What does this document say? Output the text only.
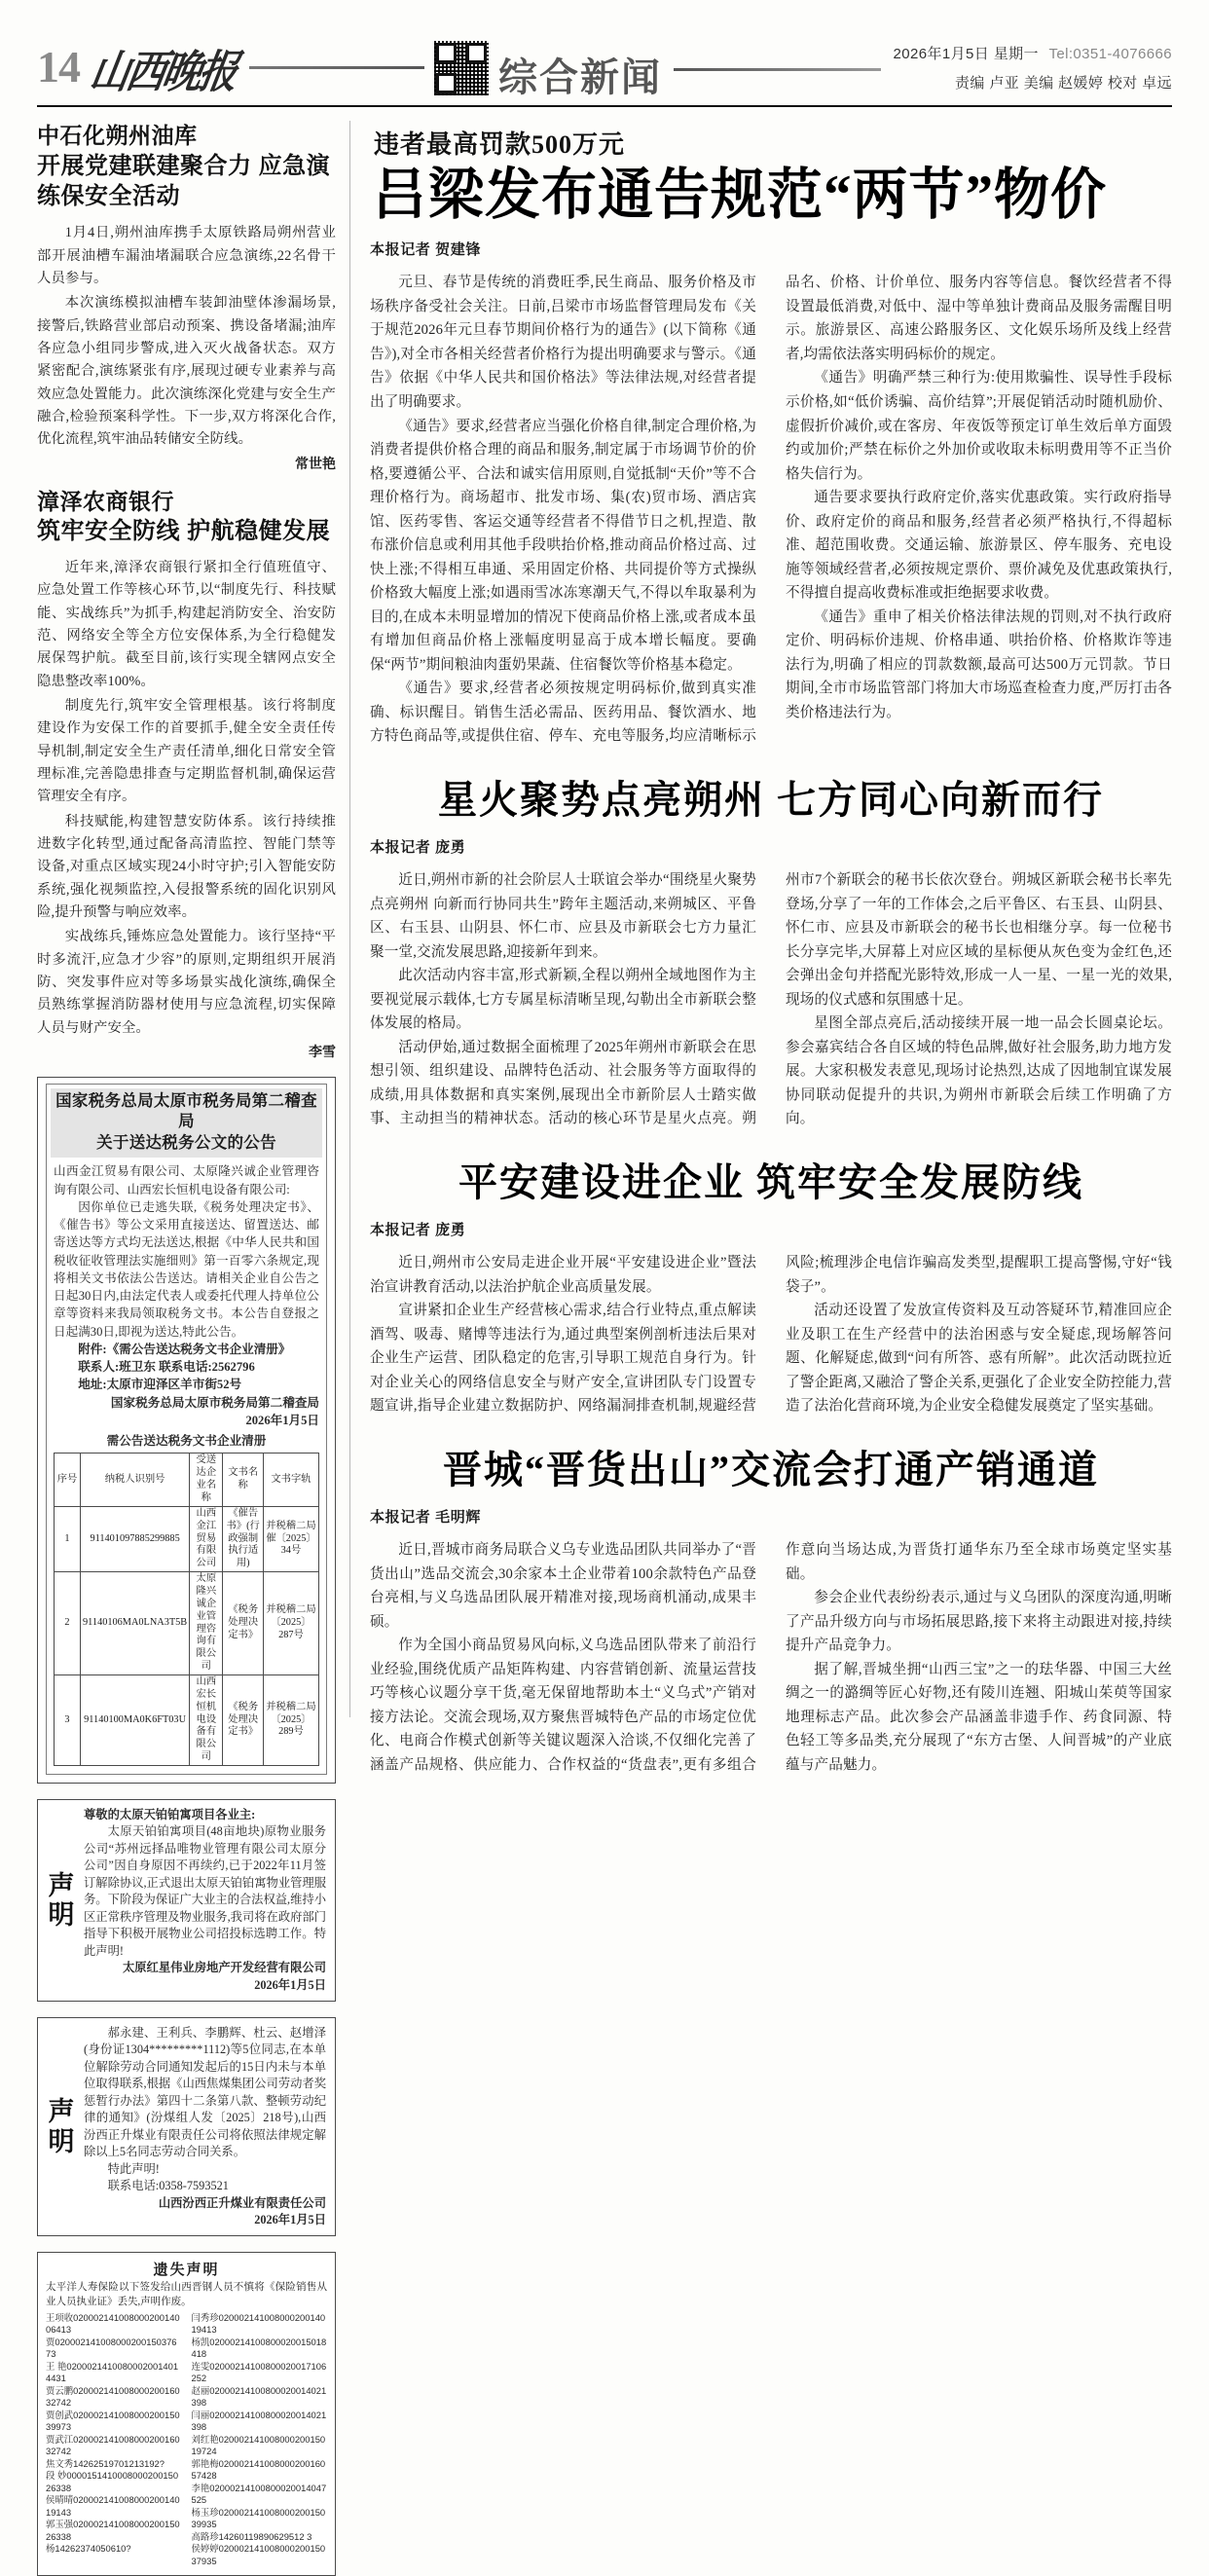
14 山西晚报	综合新闻
2026年1月5日 星期一 Tel:0351-4076666
责编 卢亚 美编 赵媛婷 校对 卓远
中石化朔州油库
开展党建联建聚合力 应急演练保安全活动

1月4日,朔州油库携手太原铁路局朔州营业部开展油槽车漏油堵漏联合应急演练,22名骨干人员参与。

本次演练模拟油槽车装卸油壁体渗漏场景,接警后,铁路营业部启动预案、携设备堵漏;油库各应急小组同步警成,进入灭火战备状态。双方紧密配合,演练紧张有序,展现过硬专业素养与高效应急处置能力。此次演练深化党建与安全生产融合,检验预案科学性。下一步,双方将深化合作,优化流程,筑牢油品转储安全防线。

常世艳
漳泽农商银行
筑牢安全防线 护航稳健发展

近年来,漳泽农商银行紧扣全行值班值守、应急处置工作等核心环节,以“制度先行、科技赋能、实战练兵”为抓手,构建起消防安全、治安防范、网络安全等全方位安保体系,为全行稳健发展保驾护航。截至目前,该行实现全辖网点安全隐患整改率100%。

制度先行,筑牢安全管理根基。该行将制度建设作为安保工作的首要抓手,健全安全责任传导机制,制定安全生产责任清单,细化日常安全管理标准,完善隐患排查与定期监督机制,确保运营管理安全有序。

科技赋能,构建智慧安防体系。该行持续推进数字化转型,通过配备高清监控、智能门禁等设备,对重点区域实现24小时守护;引入智能安防系统,强化视频监控,入侵报警系统的固化识别风险,提升预警与响应效率。

实战练兵,锤炼应急处置能力。该行坚持“平时多流汗,应急才少容”的原则,定期组织开展消防、突发事件应对等多场景实战化演练,确保全员熟练掌握消防器材使用与应急流程,切实保障人员与财产安全。

李雪
国家税务总局太原市税务局第二稽查局
关于送达税务公文的公告

山西金江贸易有限公司、太原隆兴诚企业管理咨询有限公司、山西宏长恒机电设备有限公司:

因你单位已走逃失联,《税务处理决定书》、《催告书》等公文采用直接送达、留置送达、邮寄送达等方式均无法送达,根据《中华人民共和国税收征收管理法实施细则》第一百零六条规定,现将相关文书依法公告送达。请相关企业自公告之日起30日内,由法定代表人或委托代理人持单位公章等资料来我局领取税务文书。本公告自登报之日起满30日,即视为送达,特此公告。

附件:《需公告送达税务文书企业清册》

联系人:班卫东 联系电话:2562796

地址:太原市迎泽区羊市街52号

国家税务总局太原市税务局第二稽查局

2026年1月5日

需公告送达税务文书企业清册

序号	纳税人识别号	受送达企业名称	文书名称	文书字轨
1	911401097885299885	山西金江贸易有限公司	《催告书》(行政强制执行适用)	并税稽二局催〔2025〕34号
2	91140106MA0LNA3T5B	太原隆兴诚企业管理咨询有限公司	《税务处理决定书》	并税稽二局〔2025〕287号
3	91140100MA0K6FT03U	山西宏长恒机电设备有限公司	《税务处理决定书》	并税稽二局〔2025〕289号
声
明

尊敬的太原天铂铂寓项目各业主:

太原天铂铂寓项目(48亩地块)原物业服务公司“苏州远择品唯物业管理有限公司太原分公司”因自身原因不再续约,已于2022年11月签订解除协议,正式退出太原天铂铂寓物业管理服务。下阶段为保证广大业主的合法权益,维持小区正常秩序管理及物业服务,我司将在政府部门指导下积极开展物业公司招投标选聘工作。特此声明!

太原红星伟业房地产开发经营有限公司

2026年1月5日

声
明

郝永建、王利兵、李鹏辉、杜云、赵增泽(身份证1304*********1112)等5位同志,在本单位解除劳动合同通知发起后的15日内未与本单位取得联系,根据《山西焦煤集团公司劳动者奖惩暂行办法》第四十二条第八款、整顿劳动纪律的通知》(汾煤组人发〔2025〕218号),山西汾西正升煤业有限责任公司将依照法律规定解除以上5名同志劳动合同关系。

特此声明!

联系电话:0358-7593521

山西汾西正升煤业有限责任公司

2026年1月5日

遗失声明

太平洋人寿保险以下签发给山西晋钢人员不慎将《保险销售从业人员执业证》丢失,声明作废。

王项收02000214100800020014006413
贾02000214100800020015037673
王 艳02000214100800020014014431
贾云鹏02000214100800020016032742
贾创武02000214100800020015039973
贾武江02000214100800020016032742
焦文秀14262519701213192?
段 妙000015141000800020015026338
侯晴晴02000214100800020014019143
郭玉强02000214100800020015026338
杨14262374050610?
闫秀珍02000214100800020014019413
杨凯02000214100800020015018418
连雯02000214100800020017106252
赵丽02000214100800020014021398
闫丽02000214100800020014021398
刘红艳02000214100800020015019724
郭艳梅02000214100800020016057428
李艳02000214100800020014047525
杨玉珍02000214100800020015039935
高路珍14260119890629512 3
侯婷婷02000214100800020015037935
违者最高罚款500万元
吕梁发布通告规范“两节”物价
本报记者 贺建锋

元旦、春节是传统的消费旺季,民生商品、服务价格及市场秩序备受社会关注。日前,吕梁市市场监督管理局发布《关于规范2026年元旦春节期间价格行为的通告》(以下简称《通告》),对全市各相关经营者价格行为提出明确要求与警示。《通告》依据《中华人民共和国价格法》等法律法规,对经营者提出了明确要求。

《通告》要求,经营者应当强化价格自律,制定合理价格,为消费者提供价格合理的商品和服务,制定属于市场调节价的价格,要遵循公平、合法和诚实信用原则,自觉抵制“天价”等不合理价格行为。商场超市、批发市场、集(农)贸市场、酒店宾馆、医药零售、客运交通等经营者不得借节日之机,捏造、散布涨价信息或利用其他手段哄抬价格,推动商品价格过高、过快上涨;不得相互串通、采用固定价格、共同提价等方式操纵价格致大幅度上涨;如遇雨雪冰冻寒潮天气,不得以牟取暴利为目的,在成本未明显增加的情况下使商品价格上涨,或者成本虽有增加但商品价格上涨幅度明显高于成本增长幅度。要确保“两节”期间粮油肉蛋奶果蔬、住宿餐饮等价格基本稳定。

《通告》要求,经营者必须按规定明码标价,做到真实准确、标识醒目。销售生活必需品、医药用品、餐饮酒水、地方特色商品等,或提供住宿、停车、充电等服务,均应清晰标示品名、价格、计价单位、服务内容等信息。餐饮经营者不得设置最低消费,对低中、湿中等单独计费商品及服务需醒目明示。旅游景区、高速公路服务区、文化娱乐场所及线上经营者,均需依法落实明码标价的规定。

《通告》明确严禁三种行为:使用欺骗性、误导性手段标示价格,如“低价诱骗、高价结算”;开展促销活动时随机励价、虚假折价减价,或在客房、年夜饭等预定订单生效后单方面毁约或加价;严禁在标价之外加价或收取未标明费用等不正当价格失信行为。

通告要求要执行政府定价,落实优惠政策。实行政府指导价、政府定价的商品和服务,经营者必须严格执行,不得超标准、超范围收费。交通运输、旅游景区、停车服务、充电设施等领域经营者,必须按规定票价、票价减免及优惠政策执行,不得擅自提高收费标准或拒绝据要求收费。

《通告》重申了相关价格法律法规的罚则,对不执行政府定价、明码标价违规、价格串通、哄抬价格、价格欺诈等违法行为,明确了相应的罚款数额,最高可达500万元罚款。节日期间,全市市场监管部门将加大市场巡查检查力度,严厉打击各类价格违法行为。

星火聚势点亮朔州 七方同心向新而行
本报记者 庞勇

近日,朔州市新的社会阶层人士联谊会举办“围绕星火聚势点亮朔州 向新而行协同共生”跨年主题活动,来朔城区、平鲁区、右玉县、山阴县、怀仁市、应县及市新联会七方力量汇聚一堂,交流发展思路,迎接新年到来。

此次活动内容丰富,形式新颖,全程以朔州全域地图作为主要视觉展示载体,七方专属星标清晰呈现,勾勒出全市新联会整体发展的格局。

活动伊始,通过数据全面梳理了2025年朔州市新联会在思想引领、组织建设、品牌特色活动、社会服务等方面取得的成绩,用具体数据和真实案例,展现出全市新阶层人士踏实做事、主动担当的精神状态。活动的核心环节是星火点亮。朔州市7个新联会的秘书长依次登台。朔城区新联会秘书长率先登场,分享了一年的工作体会,之后平鲁区、右玉县、山阴县、怀仁市、应县及市新联会的秘书长也相继分享。每一位秘书长分享完毕,大屏幕上对应区域的星标便从灰色变为金红色,还会弹出金句并搭配光影特效,形成一人一星、一星一光的效果,现场的仪式感和氛围感十足。

星图全部点亮后,活动接续开展一地一品会长圆桌论坛。参会嘉宾结合各自区域的特色品牌,做好社会服务,助力地方发展。大家积极发表意见,现场讨论热烈,达成了因地制宜谋发展协同联动促提升的共识,为朔州市新联会后续工作明确了方向。

平安建设进企业 筑牢安全发展防线
本报记者 庞勇

近日,朔州市公安局走进企业开展“平安建设进企业”暨法治宣讲教育活动,以法治护航企业高质量发展。

宣讲紧扣企业生产经营核心需求,结合行业特点,重点解读酒驾、吸毒、赌博等违法行为,通过典型案例剖析违法后果对企业生产运营、团队稳定的危害,引导职工规范自身行为。针对企业关心的网络信息安全与财产安全,宣讲团队专门设置专题宣讲,指导企业建立数据防护、网络漏洞排查机制,规避经营风险;梳理涉企电信诈骗高发类型,提醒职工提高警惕,守好“钱袋子”。

活动还设置了发放宣传资料及互动答疑环节,精准回应企业及职工在生产经营中的法治困惑与安全疑虑,现场解答问题、化解疑虑,做到“问有所答、惑有所解”。此次活动既拉近了警企距离,又融洽了警企关系,更强化了企业安全防控能力,营造了法治化营商环境,为企业安全稳健发展奠定了坚实基础。

晋城“晋货出山”交流会打通产销通道
本报记者 毛明辉

近日,晋城市商务局联合义乌专业选品团队共同举办了“晋货出山”选品交流会,30余家本土企业带着100余款特色产品登台亮相,与义乌选品团队展开精准对接,现场商机涌动,成果丰硕。

作为全国小商品贸易风向标,义乌选品团队带来了前沿行业经验,围绕优质产品矩阵构建、内容营销创新、流量运营技巧等核心议题分享干货,毫无保留地帮助本土“义乌式”产销对接方法论。交流会现场,双方聚焦晋城特色产品的市场定位优化、电商合作模式创新等关键议题深入洽谈,不仅细化完善了涵盖产品规格、供应能力、合作权益的“货盘表”,更有多组合作意向当场达成,为晋货打通华东乃至全球市场奠定坚实基础。

参会企业代表纷纷表示,通过与义乌团队的深度沟通,明晰了产品升级方向与市场拓展思路,接下来将主动跟进对接,持续提升产品竞争力。

据了解,晋城坐拥“山西三宝”之一的珐华器、中国三大丝绸之一的潞绸等匠心好物,还有陵川连翘、阳城山茱萸等国家地理标志产品。此次参会产品涵盖非遗手作、药食同源、特色轻工等多品类,充分展现了“东方古堡、人间晋城”的产业底蕴与产品魅力。
